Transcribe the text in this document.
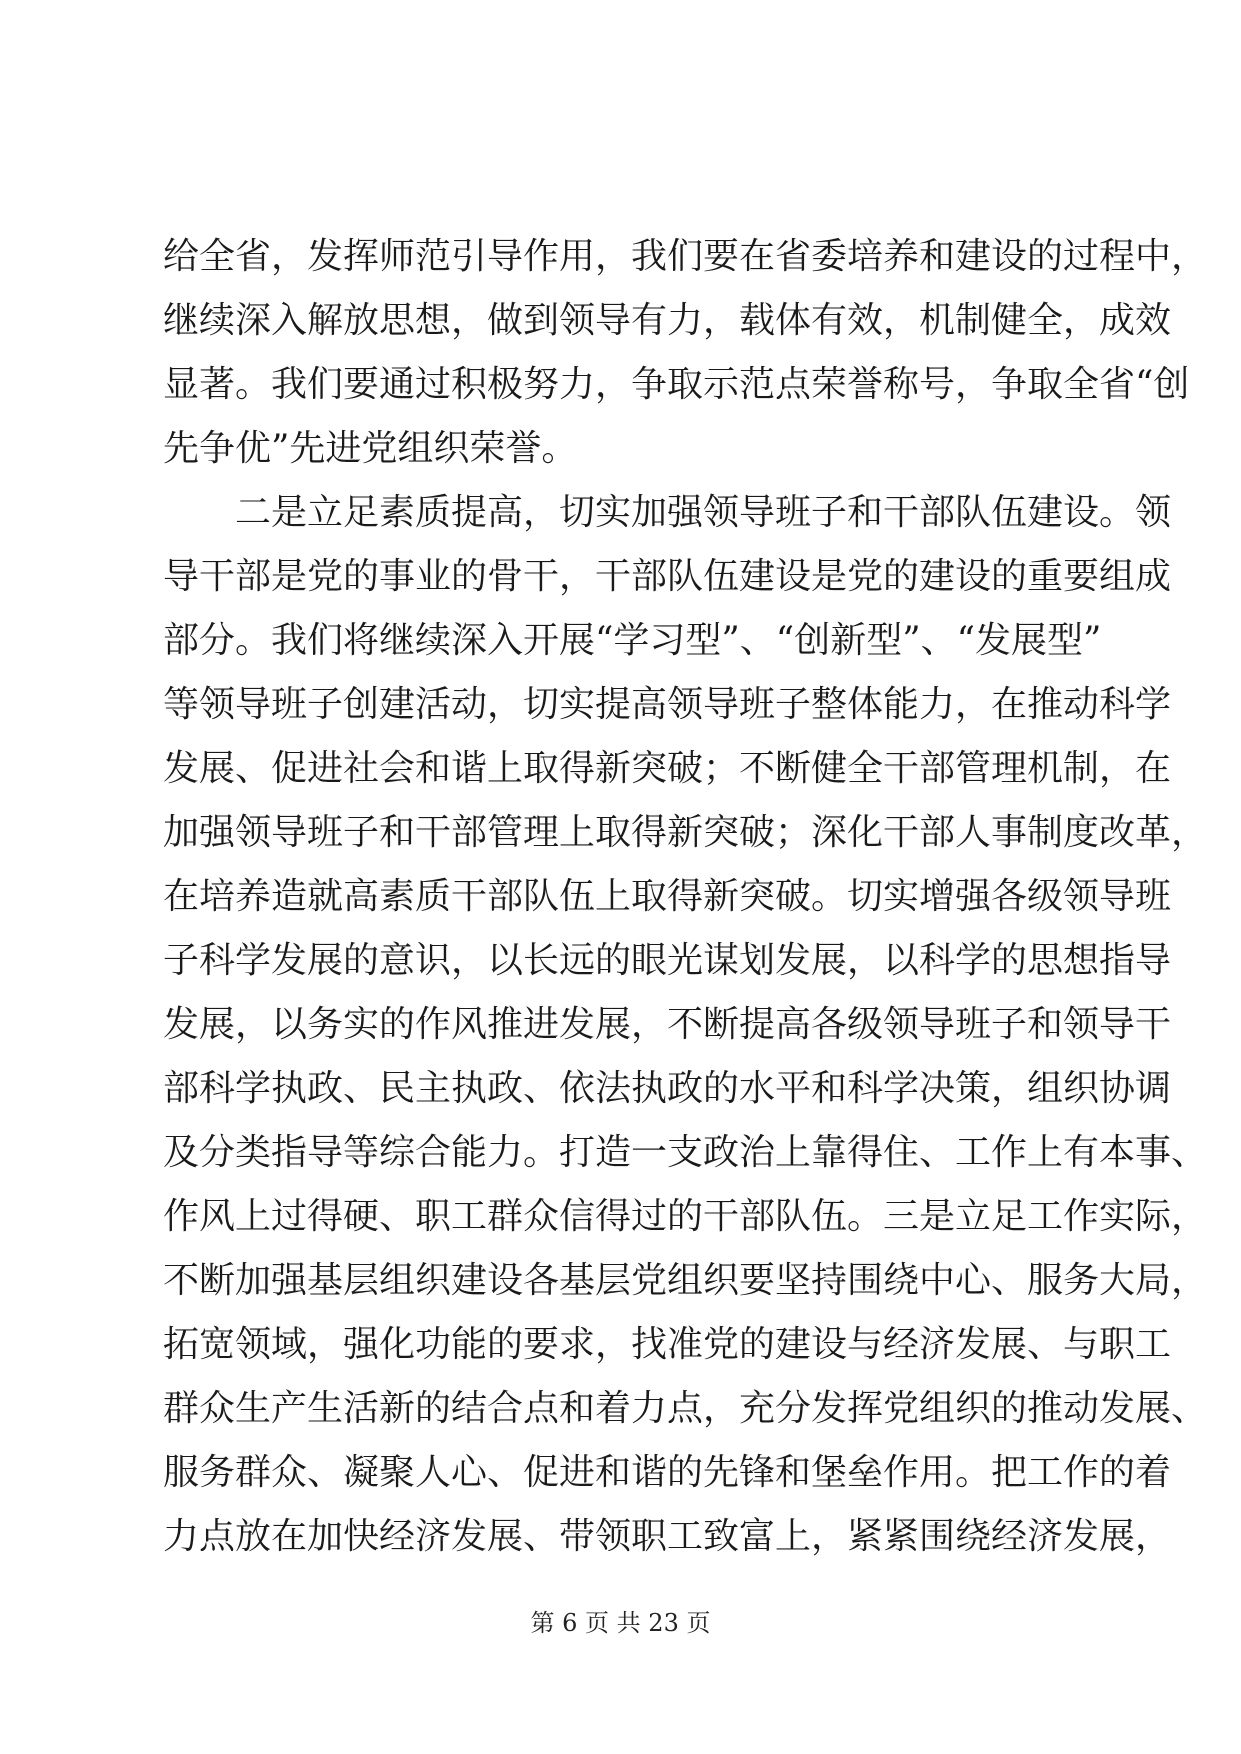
给全省，发挥师范引导作用，我们要在省委培养和建设的过程中，
继续深入解放思想，做到领导有力，载体有效，机制健全，成效
显著。我们要通过积极努力，争取示范点荣誉称号，争取全省“创
先争优”先进党组织荣誉。
二是立足素质提高，切实加强领导班子和干部队伍建设。领
导干部是党的事业的骨干，干部队伍建设是党的建设的重要组成
部分。我们将继续深入开展“学习型”、“创新型”、“发展型”
等领导班子创建活动，切实提高领导班子整体能力，在推动科学
发展、促进社会和谐上取得新突破；不断健全干部管理机制，在
加强领导班子和干部管理上取得新突破；深化干部人事制度改革，
在培养造就高素质干部队伍上取得新突破。切实增强各级领导班
子科学发展的意识，以长远的眼光谋划发展，以科学的思想指导
发展，以务实的作风推进发展，不断提高各级领导班子和领导干
部科学执政、民主执政、依法执政的水平和科学决策，组织协调
及分类指导等综合能力。打造一支政治上靠得住、工作上有本事、
作风上过得硬、职工群众信得过的干部队伍。三是立足工作实际，
不断加强基层组织建设各基层党组织要坚持围绕中心、服务大局，
拓宽领域，强化功能的要求，找准党的建设与经济发展、与职工
群众生产生活新的结合点和着力点，充分发挥党组织的推动发展、
服务群众、凝聚人心、促进和谐的先锋和堡垒作用。把工作的着
力点放在加快经济发展、带领职工致富上，紧紧围绕经济发展，
第 6 页 共 23 页
